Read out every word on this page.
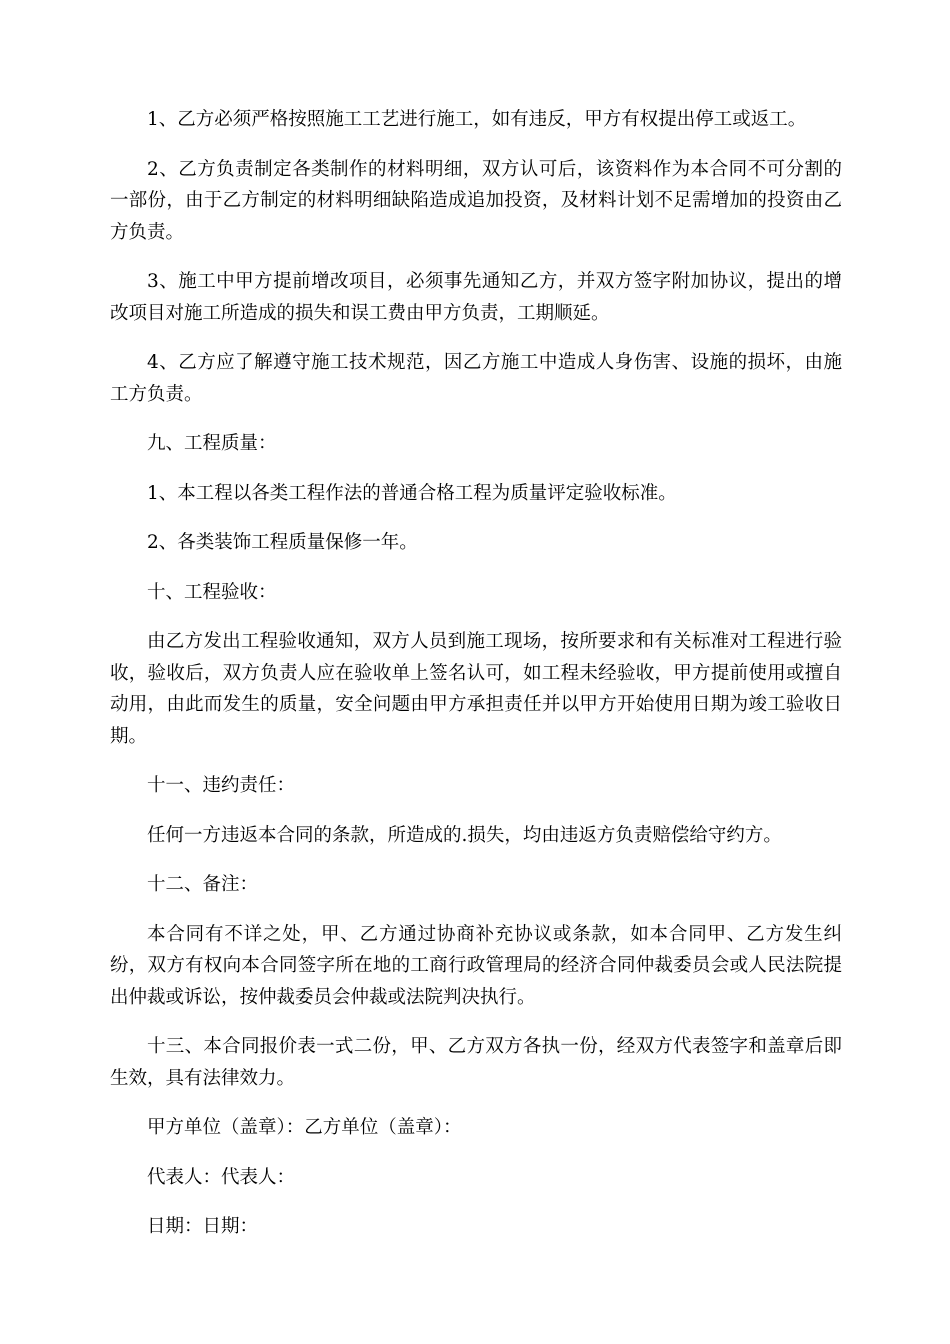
1、乙方必须严格按照施工工艺进行施工，如有违反，甲方有权提出停工或返工。

2、乙方负责制定各类制作的材料明细，双方认可后，该资料作为本合同不可分割的一部份，由于乙方制定的材料明细缺陷造成追加投资，及材料计划不足需增加的投资由乙方负责。

3、施工中甲方提前增改项目，必须事先通知乙方，并双方签字附加协议，提出的增改项目对施工所造成的损失和误工费由甲方负责，工期顺延。

4、乙方应了解遵守施工技术规范，因乙方施工中造成人身伤害、设施的损坏，由施工方负责。

九、工程质量：

1、本工程以各类工程作法的普通合格工程为质量评定验收标准。

2、各类装饰工程质量保修一年。

十、工程验收：

由乙方发出工程验收通知，双方人员到施工现场，按所要求和有关标准对工程进行验收，验收后，双方负责人应在验收单上签名认可，如工程未经验收，甲方提前使用或擅自动用，由此而发生的质量，安全问题由甲方承担责任并以甲方开始使用日期为竣工验收日期。

十一、违约责任：

任何一方违返本合同的条款，所造成的.损失，均由违返方负责赔偿给守约方。

十二、备注：

本合同有不详之处，甲、乙方通过协商补充协议或条款，如本合同甲、乙方发生纠纷，双方有权向本合同签字所在地的工商行政管理局的经济合同仲裁委员会或人民法院提出仲裁或诉讼，按仲裁委员会仲裁或法院判决执行。

十三、本合同报价表一式二份，甲、乙方双方各执一份，经双方代表签字和盖章后即生效，具有法律效力。

甲方单位（盖章）：乙方单位（盖章）：

代表人：代表人：

日期：日期：
